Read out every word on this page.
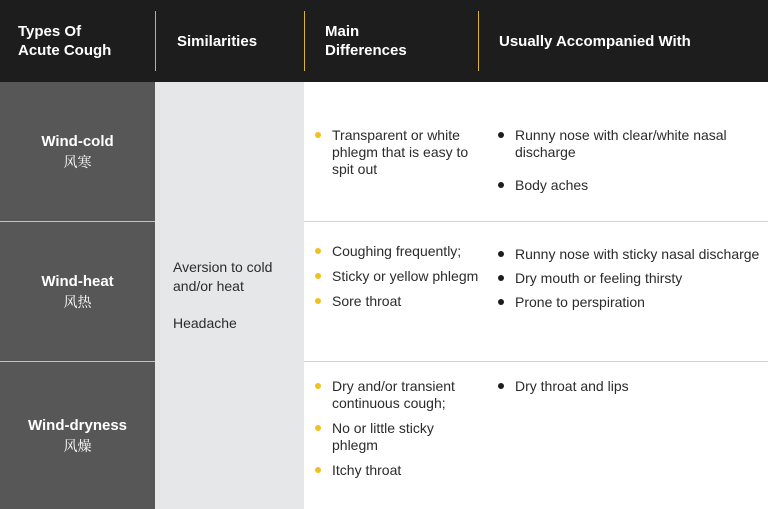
Types Of
Acute Cough
Similarities
Main
Differences
Usually Accompanied With
Wind-cold
风寒
Wind-heat
风热
Wind-dryness
风燥

Aversion to cold and/or heat

Headache

Transparent or white phlegm that is easy to spit out
Coughing frequently;
Sticky or yellow phlegm
Sore throat
Dry and/or transient continuous cough;
No or little sticky phlegm
Itchy throat
Runny nose with clear/white nasal discharge
Body aches
Runny nose with sticky nasal discharge
Dry mouth or feeling thirsty
Prone to perspiration
Dry throat and lips
